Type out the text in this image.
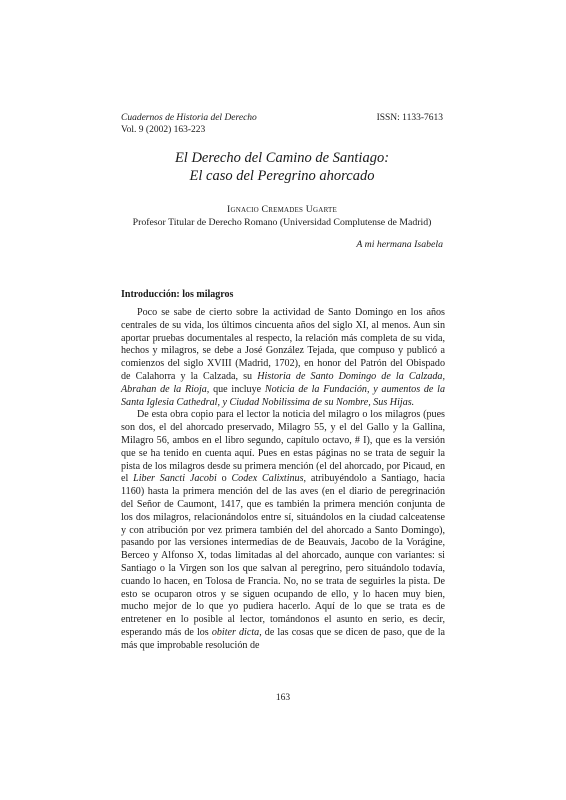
Cuadernos de Historia del Derecho
Vol. 9 (2002) 163-223
ISSN: 1133-7613
El Derecho del Camino de Santiago:
El caso del Peregrino ahorcado
Ignacio Cremades Ugarte
Profesor Titular de Derecho Romano (Universidad Complutense de Madrid)
A mi hermana Isabela
Introducción: los milagros

Poco se sabe de cierto sobre la actividad de Santo Domingo en los años centrales de su vida, los últimos cincuenta años del siglo XI, al menos. Aun sin aportar pruebas documentales al respecto, la relación más completa de su vida, hechos y milagros, se debe a José González Tejada, que compuso y publicó a comienzos del siglo XVIII (Madrid, 1702), en honor del Patrón del Obispado de Calahorra y la Calzada, su Historia de Santo Domingo de la Calzada, Abrahan de la Rioja, que incluye Noticia de la Fundación, y aumentos de la Santa Iglesia Cathedral, y Ciudad Nobilissima de su Nombre, Sus Hijas.

De esta obra copio para el lector la noticia del milagro o los milagros (pues son dos, el del ahorcado preservado, Milagro 55, y el del Gallo y la Gallina, Milagro 56, ambos en el libro segundo, capítulo octavo, # I), que es la versión que se ha tenido en cuenta aquí. Pues en estas páginas no se trata de seguir la pista de los milagros desde su primera mención (el del ahorcado, por Picaud, en el Liber Sancti Jacobi o Codex Calixtinus, atribuyéndolo a Santiago, hacia 1160) hasta la primera mención del de las aves (en el diario de peregrinación del Señor de Caumont, 1417, que es también la primera mención conjunta de los dos milagros, relacionándolos entre sí, situándolos en la ciudad calceatense y con atribución por vez primera también del del ahorcado a Santo Domingo), pasando por las versiones intermedias de de Beauvais, Jacobo de la Vorágine, Berceo y Alfonso X, todas limitadas al del ahorcado, aunque con variantes: si Santiago o la Virgen son los que salvan al peregrino, pero situándolo todavía, cuando lo hacen, en Tolosa de Francia. No, no se trata de seguirles la pista. De esto se ocuparon otros y se siguen ocupando de ello, y lo hacen muy bien, mucho mejor de lo que yo pudiera hacerlo. Aquí de lo que se trata es de entretener en lo posible al lector, tomándonos el asunto en serio, es decir, esperando más de los obiter dicta, de las cosas que se dicen de paso, que de la más que improbable resolución de

163
